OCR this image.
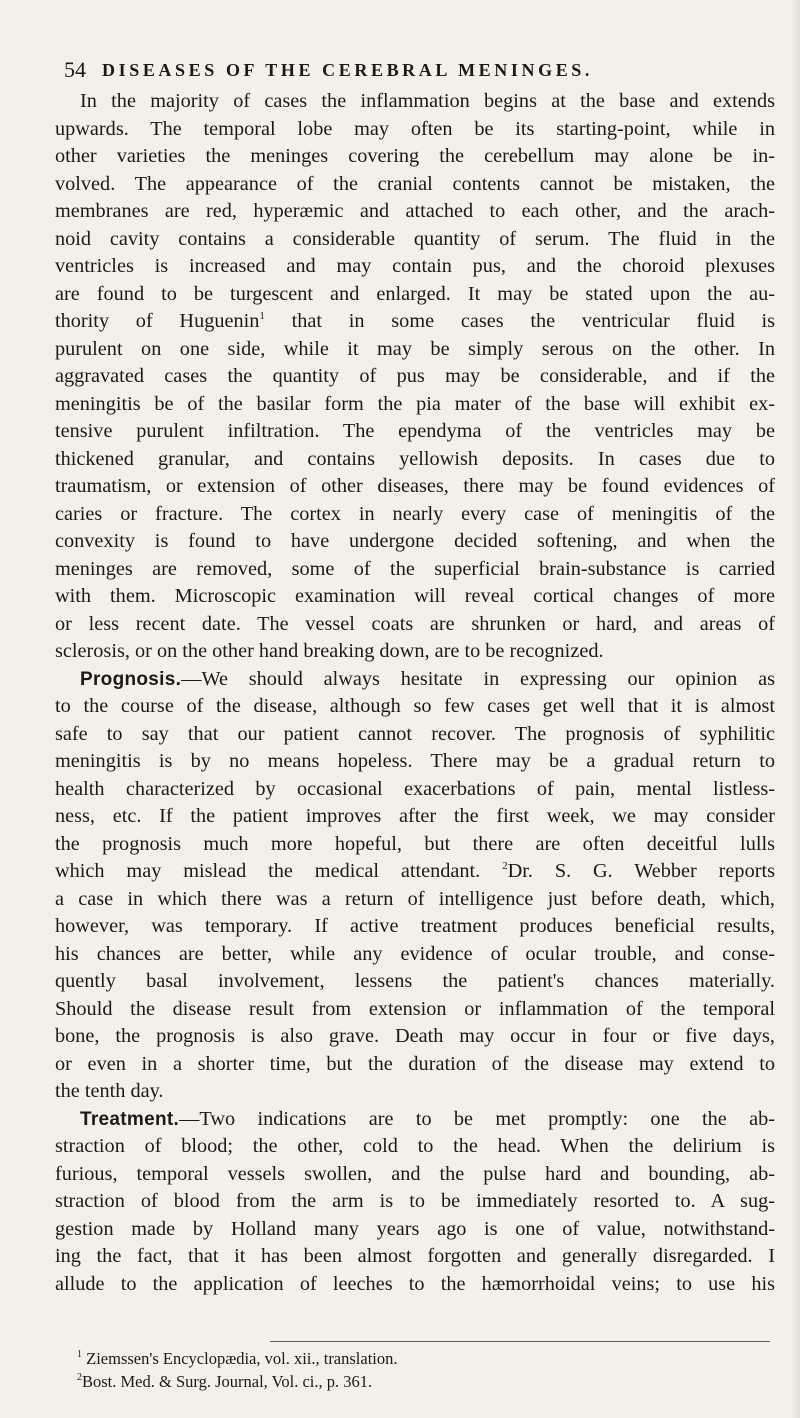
54 DISEASES OF THE CEREBRAL MENINGES.
In the majority of cases the inflammation begins at the base and extends
upwards. The temporal lobe may often be its starting-point, while in
other varieties the meninges covering the cerebellum may alone be in-
volved. The appearance of the cranial contents cannot be mistaken, the
membranes are red, hyperæmic and attached to each other, and the arach-
noid cavity contains a considerable quantity of serum. The fluid in the
ventricles is increased and may contain pus, and the choroid plexuses
are found to be turgescent and enlarged. It may be stated upon the au-
thority of Huguenin$^1$ that in some cases the ventricular fluid is
purulent on one side, while it may be simply serous on the other. In
aggravated cases the quantity of pus may be considerable, and if the
meningitis be of the basilar form the pia mater of the base will exhibit ex-
tensive purulent infiltration. The ependyma of the ventricles may be
thickened granular, and contains yellowish deposits. In cases due to
traumatism, or extension of other diseases, there may be found evidences of
caries or fracture. The cortex in nearly every case of meningitis of the
convexity is found to have undergone decided softening, and when the
meninges are removed, some of the superficial brain-substance is carried
with them. Microscopic examination will reveal cortical changes of more
or less recent date. The vessel coats are shrunken or hard, and areas of
sclerosis, or on the other hand breaking down, are to be recognized.
Prognosis.—We should always hesitate in expressing our opinion as
to the course of the disease, although so few cases get well that it is almost
safe to say that our patient cannot recover. The prognosis of syphilitic
meningitis is by no means hopeless. There may be a gradual return to
health characterized by occasional exacerbations of pain, mental listless-
ness, etc. If the patient improves after the first week, we may consider
the prognosis much more hopeful, but there are often deceitful lulls
which may mislead the medical attendant. $^2$Dr. S. G. Webber reports
a case in which there was a return of intelligence just before death, which,
however, was temporary. If active treatment produces beneficial results,
his chances are better, while any evidence of ocular trouble, and conse-
quently basal involvement, lessens the patient's chances materially.
Should the disease result from extension or inflammation of the temporal
bone, the prognosis is also grave. Death may occur in four or five days,
or even in a shorter time, but the duration of the disease may extend to
the tenth day.
Treatment.—Two indications are to be met promptly: one the ab-
straction of blood; the other, cold to the head. When the delirium is
furious, temporal vessels swollen, and the pulse hard and bounding, ab-
straction of blood from the arm is to be immediately resorted to. A sug-
gestion made by Holland many years ago is one of value, notwithstand-
ing the fact, that it has been almost forgotten and generally disregarded. I
allude to the application of leeches to the hæmorrhoidal veins; to use his
$^1$ Ziemssen's Encyclopædia, vol. xii., translation.
$^2$Bost. Med. & Surg. Journal, Vol. ci., p. 361.
